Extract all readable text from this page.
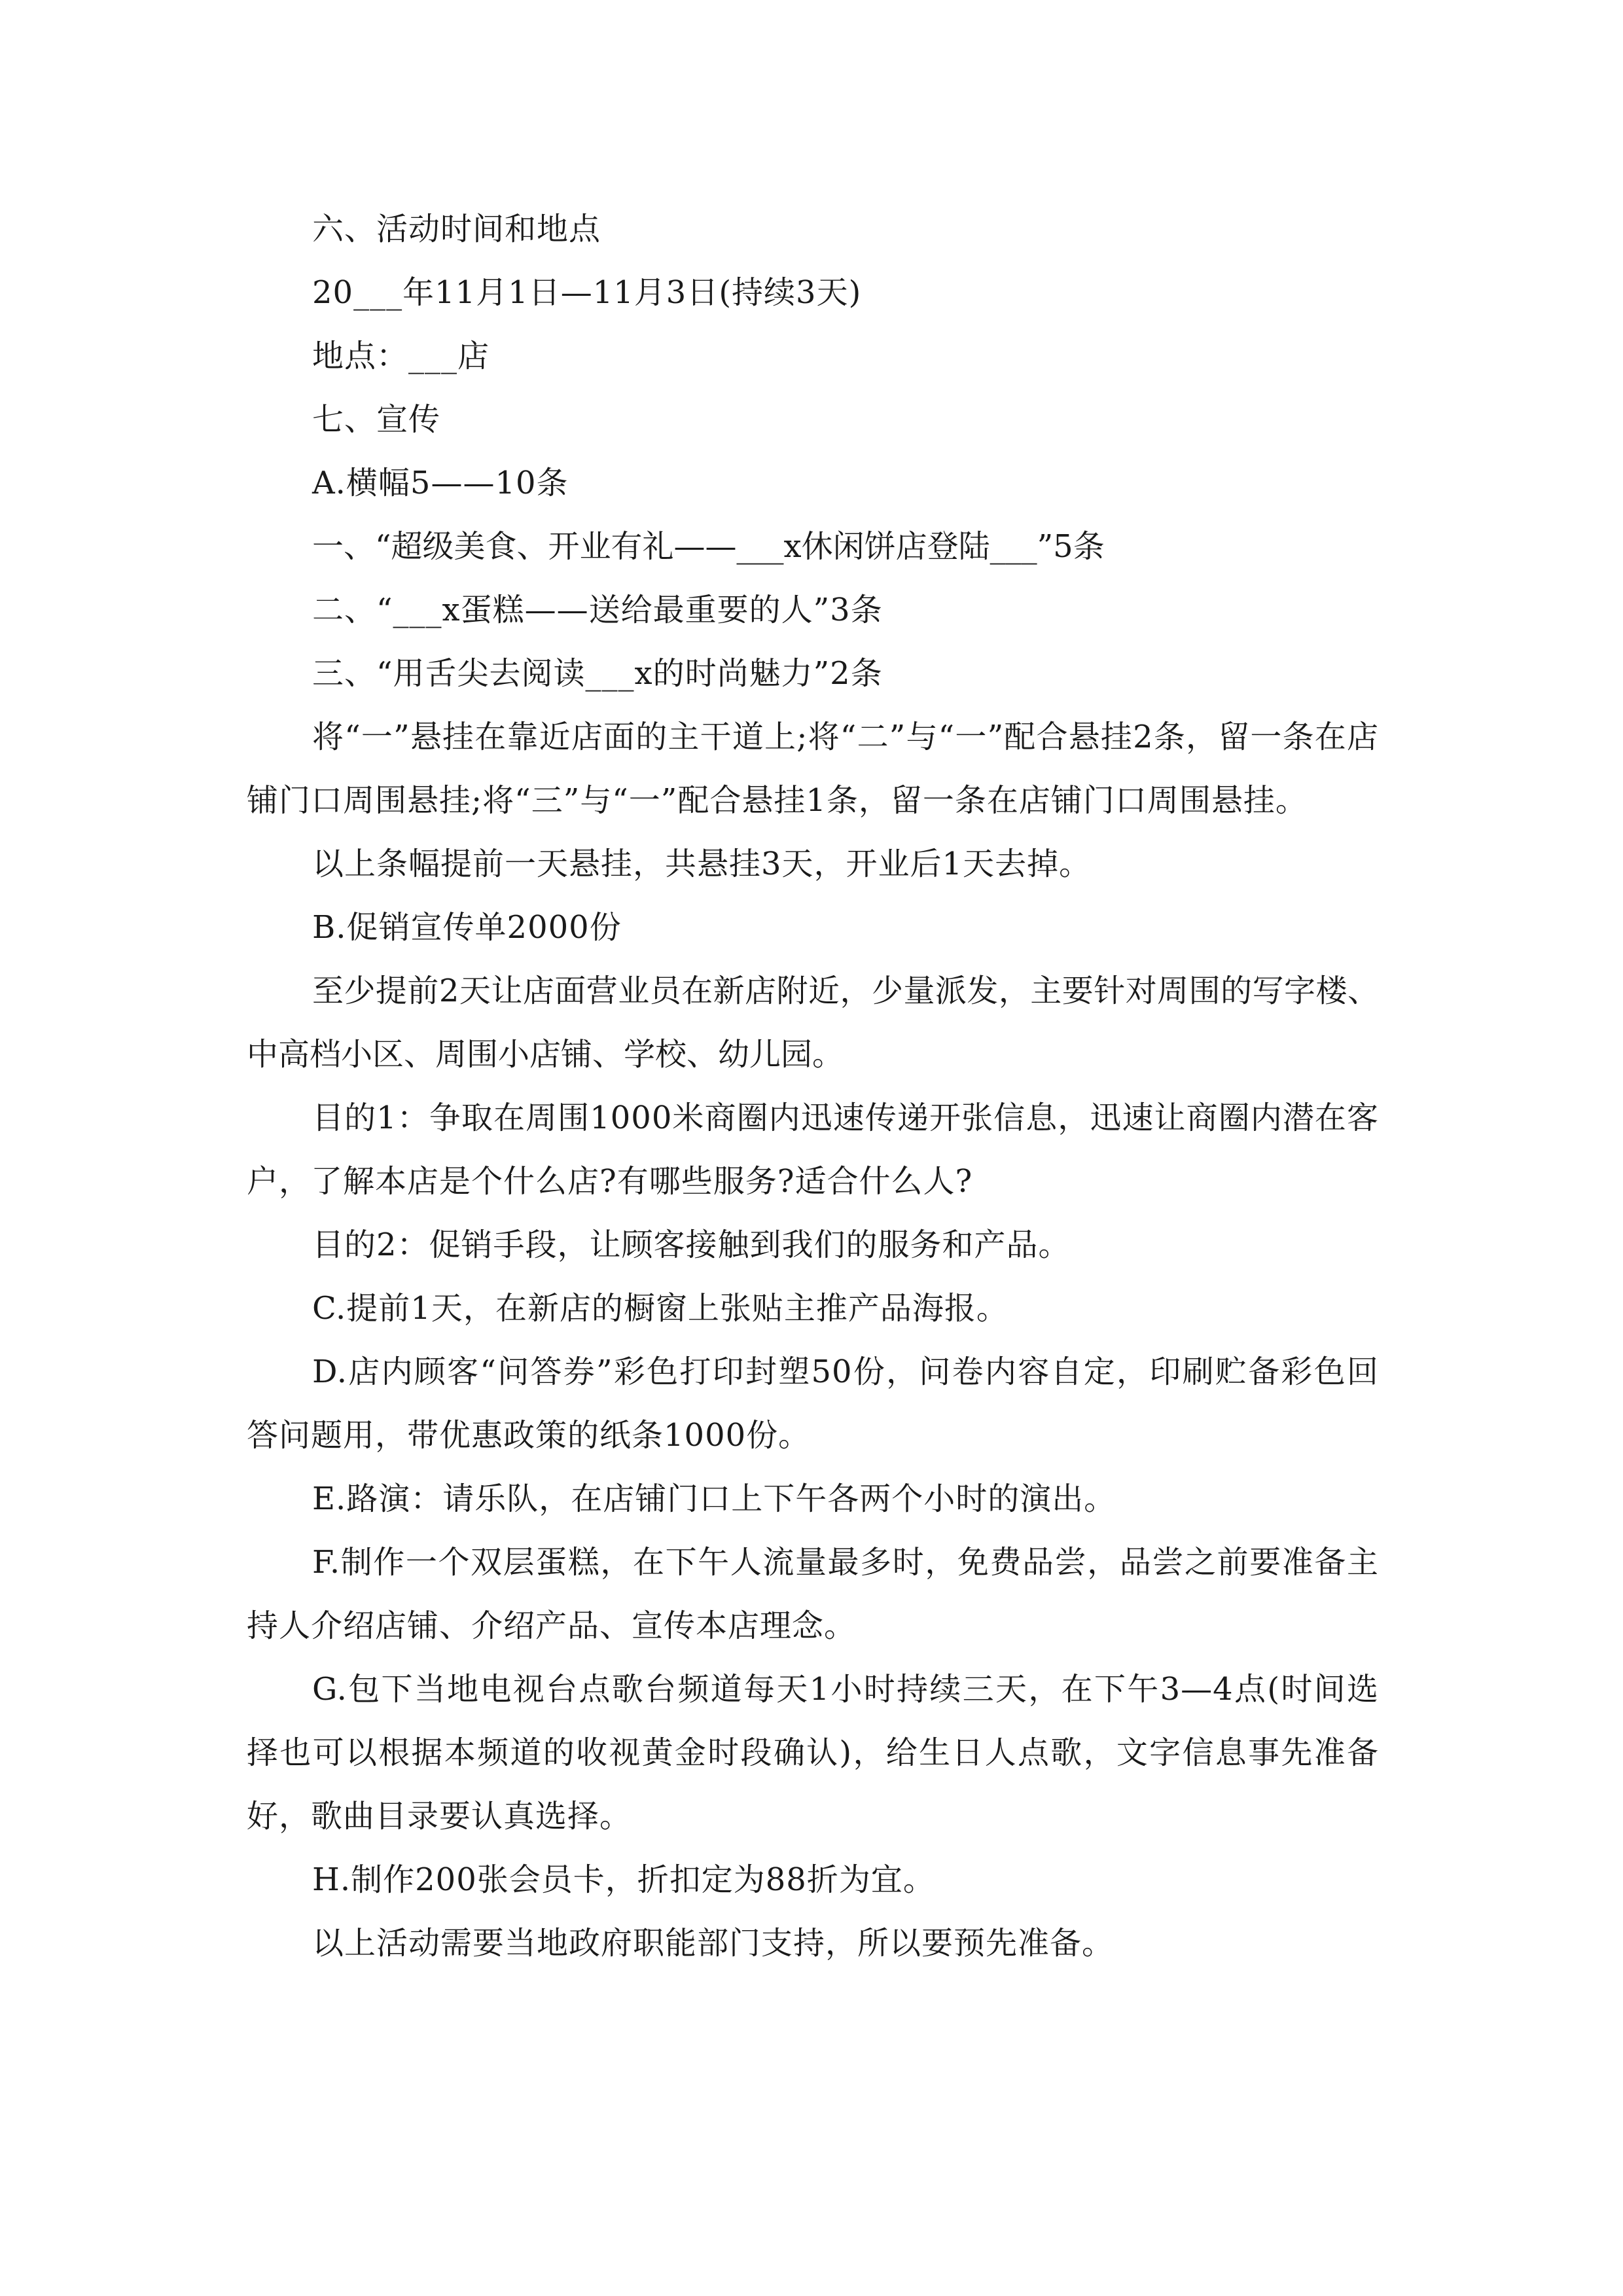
六、活动时间和地点

20___年11月1日—11月3日(持续3天)

地点：___店

七、宣传

A.横幅5——10条

一、“超级美食、开业有礼——___x休闲饼店登陆___”5条

二、“___x蛋糕——送给最重要的人”3条

三、“用舌尖去阅读___x的时尚魅力”2条

将“一”悬挂在靠近店面的主干道上;将“二”与“一”配合悬挂2条，留一条在店铺门口周围悬挂;将“三”与“一”配合悬挂1条，留一条在店铺门口周围悬挂。

以上条幅提前一天悬挂，共悬挂3天，开业后1天去掉。

B.促销宣传单2000份

至少提前2天让店面营业员在新店附近，少量派发，主要针对周围的写字楼、中高档小区、周围小店铺、学校、幼儿园。

目的1：争取在周围1000米商圈内迅速传递开张信息，迅速让商圈内潜在客户，了解本店是个什么店?有哪些服务?适合什么人?

目的2：促销手段，让顾客接触到我们的服务和产品。

C.提前1天，在新店的橱窗上张贴主推产品海报。

D.店内顾客“问答券”彩色打印封塑50份，问卷内容自定，印刷贮备彩色回答问题用，带优惠政策的纸条1000份。

E.路演：请乐队，在店铺门口上下午各两个小时的演出。

F.制作一个双层蛋糕，在下午人流量最多时，免费品尝，品尝之前要准备主持人介绍店铺、介绍产品、宣传本店理念。

G.包下当地电视台点歌台频道每天1小时持续三天，在下午3—4点(时间选择也可以根据本频道的收视黄金时段确认)，给生日人点歌，文字信息事先准备好，歌曲目录要认真选择。

H.制作200张会员卡，折扣定为88折为宜。

以上活动需要当地政府职能部门支持，所以要预先准备。
